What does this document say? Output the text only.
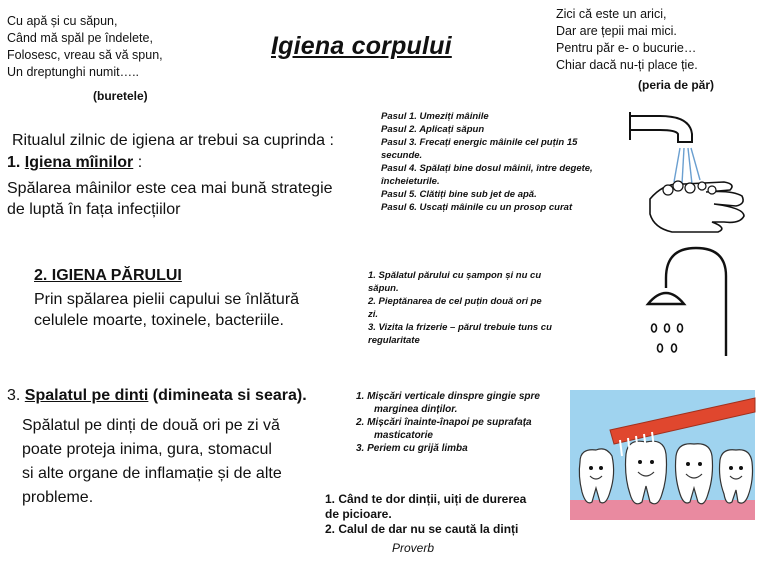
Cu apă și cu săpun,
Când mă spăl pe îndelete,
Folosesc, vreau să vă spun,
Un dreptunghi numit…..
(buretele)
Igiena corpului
Zici că este un arici,
Dar are țepii mai mici.
Pentru păr e- o bucurie…
Chiar dacă nu-ți place ție.
(peria de păr)
Ritualul zilnic de igiena ar trebui sa cuprinda :
1. Igiena mîinilor :
Spălarea mâinilor este cea mai bună strategie
de luptă în fața infecțiilor
Pasul 1. Umeziți mâinile
Pasul 2. Aplicați săpun
Pasul 3. Frecați energic mâinile cel puțin 15
secunde.
Pasul 4. Spălați bine dosul mâinii, între degete,
încheieturile.
Pasul 5. Clătiți bine sub jet de apă.
Pasul 6. Uscați mâinile cu un prosop curat
2. IGIENA PĂRULUI
Prin spălarea pielii capului se înlătură
celulele moarte, toxinele, bacteriile.
1. Spălatul părului cu șampon și nu cu
săpun.
2. Pieptănarea de cel puțin două ori pe
zi.
3. Vizita la frizerie – părul trebuie tuns cu
regularitate
3. Spalatul pe dinti (dimineata si seara).
Spălatul pe dinți de două ori pe zi vă
poate proteja inima, gura, stomacul
si alte organe de inflamație și de alte
probleme.
1. Mișcări verticale dinspre gingie spre
marginea dinților.
2. Mișcări înainte-înapoi pe suprafața
masticatorie
3. Periem cu grijă limba
1. Când te dor dinții, uiți de durerea
de picioare.
2. Calul de dar nu se caută la dinți
Proverb
